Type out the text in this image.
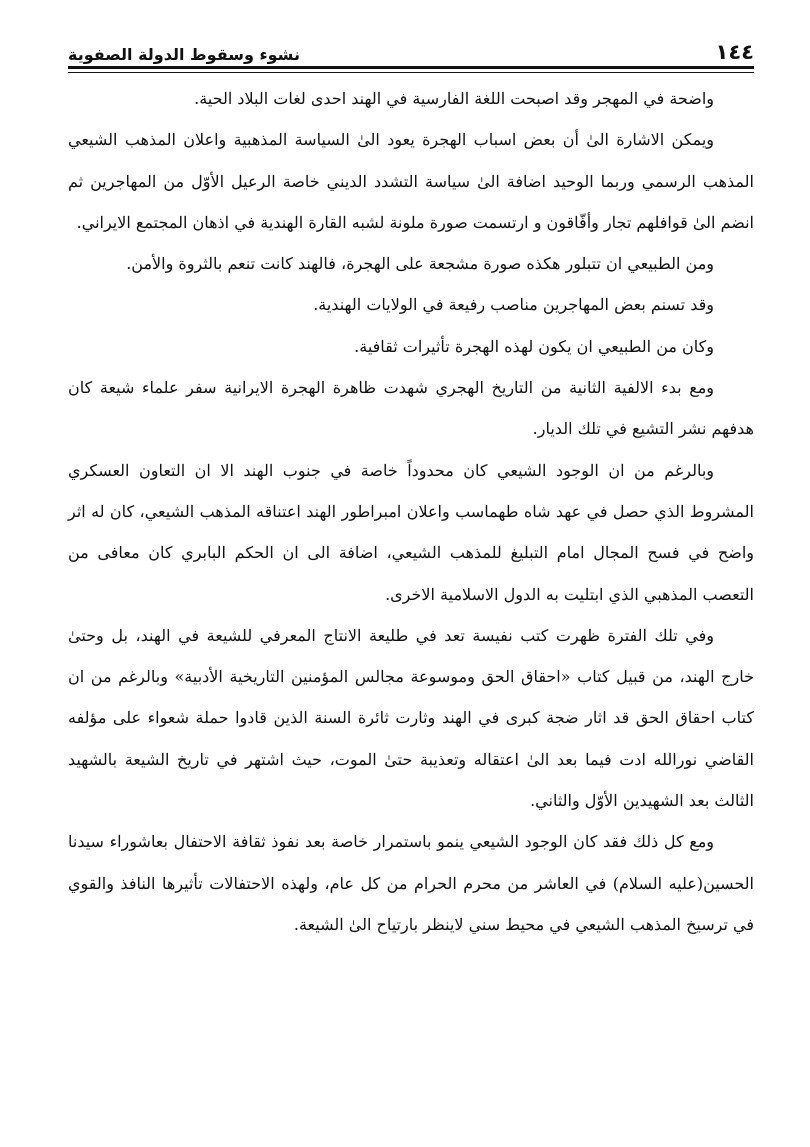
١٤٤
نشوء وسقوط الدولة الصفوية

واضحة في المهجر وقد اصبحت اللغة الفارسية في الهند احدى لغات البلاد الحية.

ويمكن الاشارة الىٰ أن بعض اسباب الهجرة يعود الىٰ السياسة المذهبية واعلان المذهب الشيعي المذهب الرسمي وربما الوحيد اضافة الىٰ سياسة التشدد الديني خاصة الرعيل الأوّل من المهاجرين ثم انضم الىٰ قوافلهم تجار وأفّاقون و ارتسمت صورة ملونة لشبه القارة الهندية في اذهان المجتمع الايراني.

ومن الطبيعي ان تتبلور هكذه صورة مشجعة على الهجرة، فالهند كانت تنعم بالثروة والأمن.

وقد تسنم بعض المهاجرين مناصب رفيعة في الولايات الهندية.

وكان من الطبيعي ان يكون لهذه الهجرة تأثيرات ثقافية.

ومع بدء الالفية الثانية من التاريخ الهجري شهدت ظاهرة الهجرة الايرانية سفر علماء شيعة كان هدفهم نشر التشيع في تلك الديار.

وبالرغم من ان الوجود الشيعي كان محدوداً خاصة في جنوب الهند الا ان التعاون العسكري المشروط الذي حصل في عهد شاه طهماسب واعلان امبراطور الهند اعتناقه المذهب الشيعي، كان له اثر واضح في فسح المجال امام التبليغ للمذهب الشيعي، اضافة الى ان الحكم البابري كان معافى من التعصب المذهبي الذي ابتليت به الدول الاسلامية الاخرى.

وفي تلك الفترة ظهرت كتب نفيسة تعد في طليعة الانتاج المعرفي للشيعة في الهند، بل وحتىٰ خارج الهند، من قبيل كتاب «احقاق الحق وموسوعة مجالس المؤمنين التاريخية الأدبية» وبالرغم من ان كتاب احقاق الحق قد اثار ضجة كبرى في الهند وثارت ثائرة السنة الذين قادوا حملة شعواء على مؤلفه القاضي نورالله ادت فيما بعد الىٰ اعتقاله وتعذيبة حتىٰ الموت، حيث اشتهر في تاريخ الشيعة بالشهيد الثالث بعد الشهيدين الأوّل والثاني.

ومع كل ذلك فقد كان الوجود الشيعي ينمو باستمرار خاصة بعد نفوذ ثقافة الاحتفال بعاشوراء سيدنا الحسين(عليه السلام) في العاشر من محرم الحرام من كل عام، ولهذه الاحتفالات تأثيرها النافذ والقوي في ترسيخ المذهب الشيعي في محيط سني لاينظر بارتياح الىٰ الشيعة.
